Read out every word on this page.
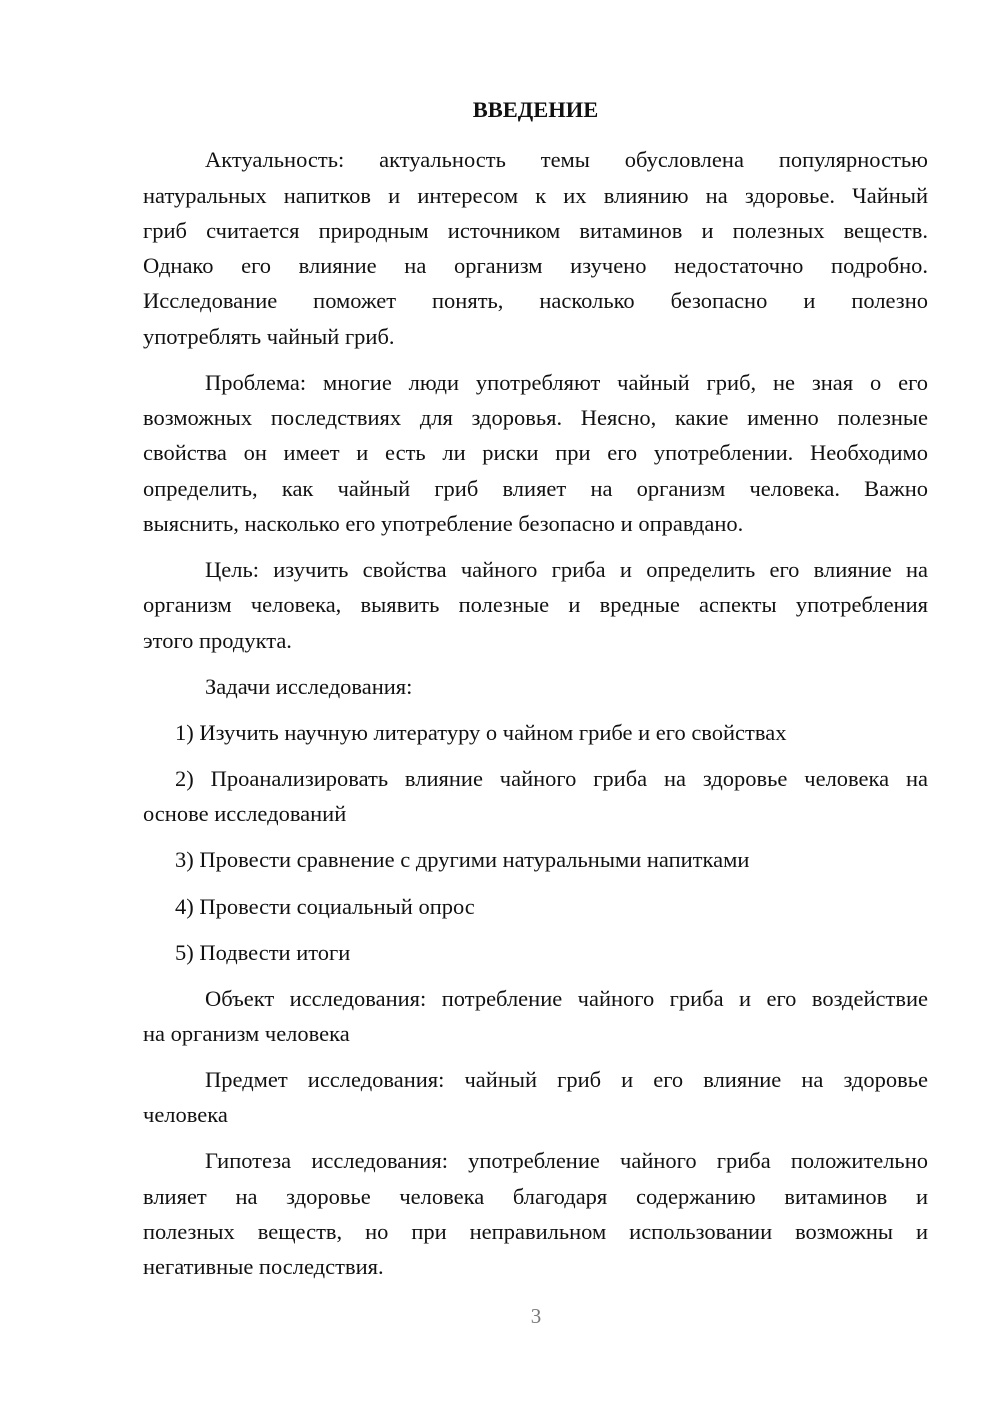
ВВЕДЕНИЕ
Актуальность: актуальность темы обусловлена популярностью
натуральных напитков и интересом к их влиянию на здоровье. Чайный
гриб считается природным источником витаминов и полезных веществ.
Однако его влияние на организм изучено недостаточно подробно.
Исследование поможет понять, насколько безопасно и полезно
употреблять чайный гриб.
Проблема: многие люди употребляют чайный гриб, не зная о его
возможных последствиях для здоровья. Неясно, какие именно полезные
свойства он имеет и есть ли риски при его употреблении. Необходимо
определить, как чайный гриб влияет на организм человека. Важно
выяснить, насколько его употребление безопасно и оправдано.
Цель: изучить свойства чайного гриба и определить его влияние на
организм человека, выявить полезные и вредные аспекты употребления
этого продукта.
Задачи исследования:
1) Изучить научную литературу о чайном грибе и его свойствах
2) Проанализировать влияние чайного гриба на здоровье человека на
основе исследований
3) Провести сравнение с другими натуральными напитками
4) Провести социальный опрос
5) Подвести итоги
Объект исследования: потребление чайного гриба и его воздействие
на организм человека
Предмет исследования: чайный гриб и его влияние на здоровье
человека
Гипотеза исследования: употребление чайного гриба положительно
влияет на здоровье человека благодаря содержанию витаминов и
полезных веществ, но при неправильном использовании возможны и
негативные последствия.
3
